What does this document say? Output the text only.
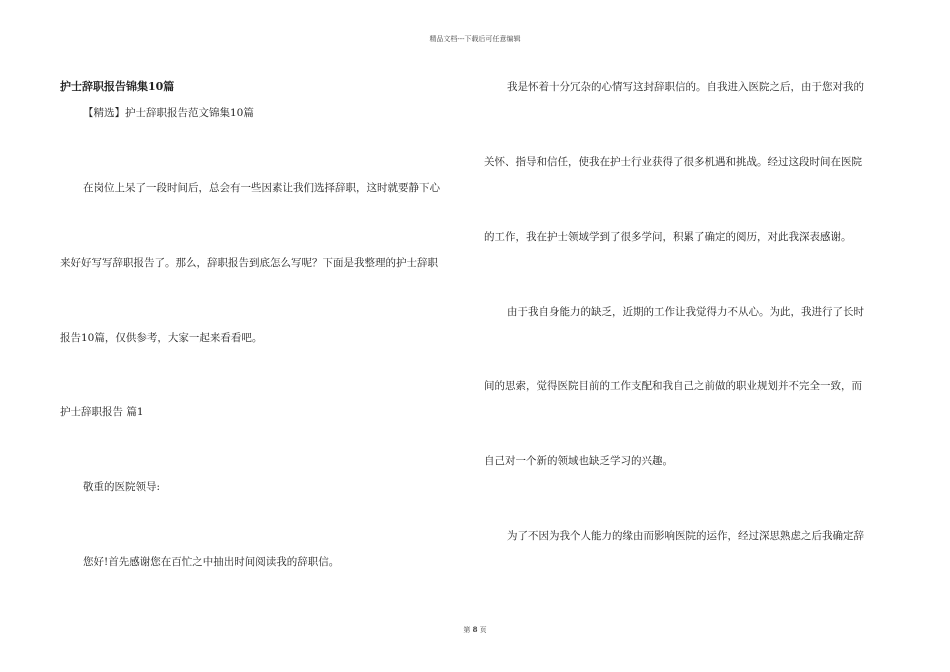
精品文档---下载后可任意编辑
护士辞职报告锦集10篇
【精选】护士辞职报告范文锦集10篇
在岗位上呆了一段时间后，总会有一些因素让我们选择辞职，这时就要静下心
来好好写写辞职报告了。那么，辞职报告到底怎么写呢？下面是我整理的护士辞职
报告10篇，仅供参考，大家一起来看看吧。
护士辞职报告 篇1
敬重的医院领导:
您好!首先感谢您在百忙之中抽出时间阅读我的辞职信。
我是怀着十分冗杂的心情写这封辞职信的。自我进入医院之后，由于您对我的
关怀、指导和信任，使我在护士行业获得了很多机遇和挑战。经过这段时间在医院
的工作，我在护士领域学到了很多学问，积累了确定的阅历，对此我深表感谢。
由于我自身能力的缺乏，近期的工作让我觉得力不从心。为此，我进行了长时
间的思索，觉得医院目前的工作支配和我自己之前做的职业规划并不完全一致，而
自己对一个新的领域也缺乏学习的兴趣。
为了不因为我个人能力的缘由而影响医院的运作，经过深思熟虑之后我确定辞
第 8 页
